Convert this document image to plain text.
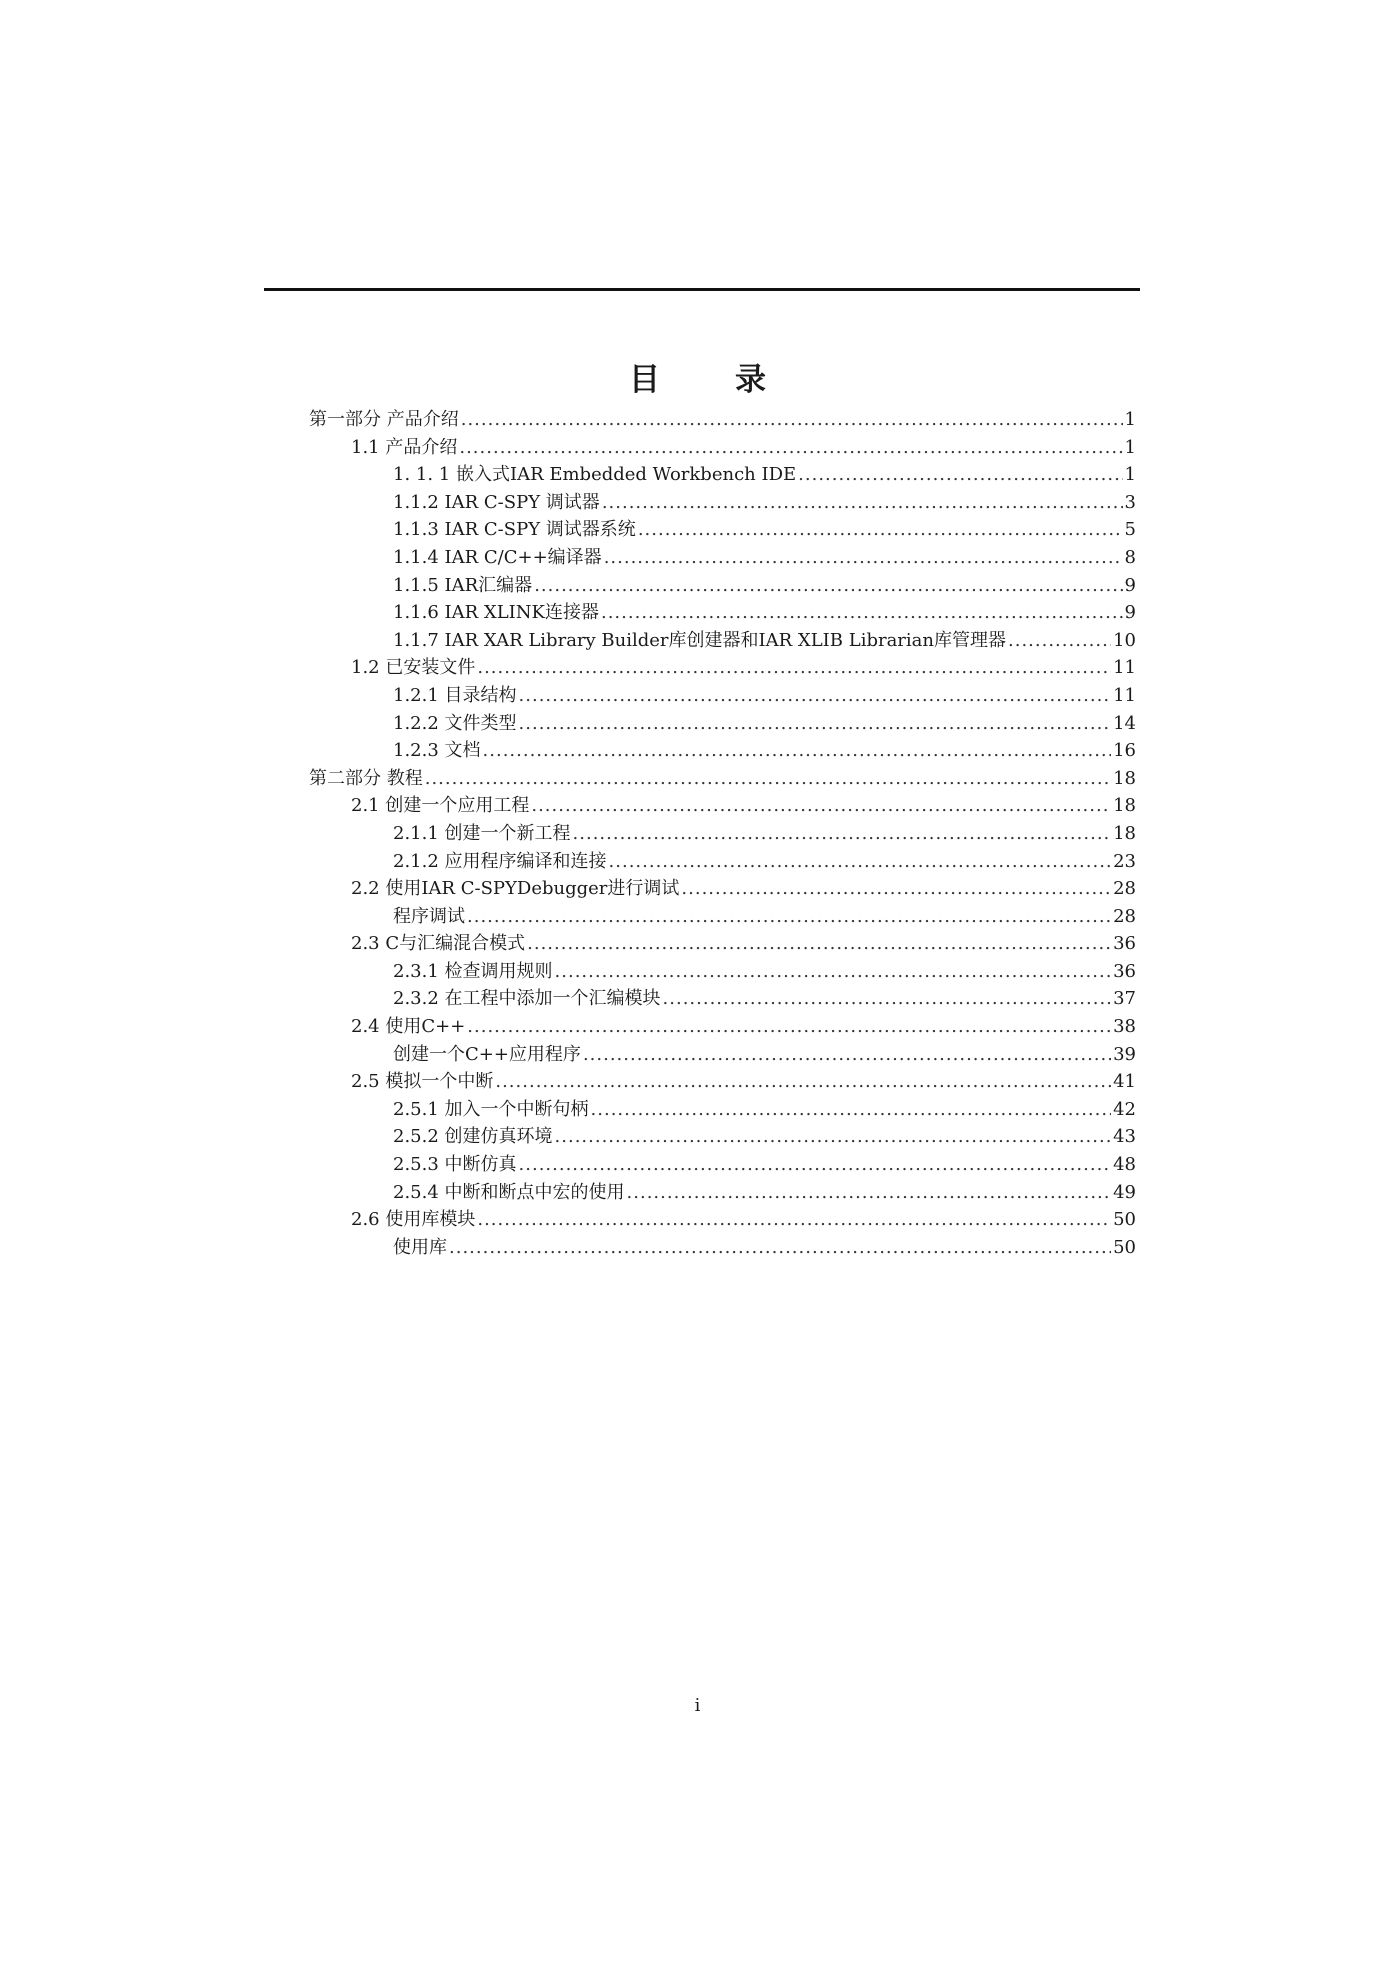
目　录
第一部分 产品介绍 .....	1
1.1 产品介绍 .....	1
1. 1. 1 嵌入式IAR Embedded Workbench IDE .....	1
1.1.2 IAR C-SPY 调试器 .....	3
1.1.3 IAR C-SPY 调试器系统 .....	5
1.1.4 IAR C/C++编译器 .....	8
1.1.5 IAR汇编器 .....	9
1.1.6 IAR XLINK连接器 .....	9
1.1.7 IAR XAR Library Builder库创建器和IAR XLIB Librarian库管理器 .....	10
1.2 已安装文件 .....	11
1.2.1 目录结构 .....	11
1.2.2 文件类型 .....	14
1.2.3 文档 .....	16
第二部分 教程 .....	18
2.1 创建一个应用工程 .....	18
2.1.1 创建一个新工程 .....	18
2.1.2 应用程序编译和连接 .....	23
2.2 使用IAR C-SPYDebugger进行调试 .....	28
程序调试 .....	28
2.3 C与汇编混合模式 .....	36
2.3.1 检查调用规则 .....	36
2.3.2 在工程中添加一个汇编模块 .....	37
2.4 使用C++ .....	38
创建一个C++应用程序 .....	39
2.5 模拟一个中断 .....	41
2.5.1 加入一个中断句柄 .....	42
2.5.2 创建仿真环境 .....	43
2.5.3 中断仿真 .....	48
2.5.4 中断和断点中宏的使用 .....	49
2.6 使用库模块 .....	50
使用库 .....	50
i
